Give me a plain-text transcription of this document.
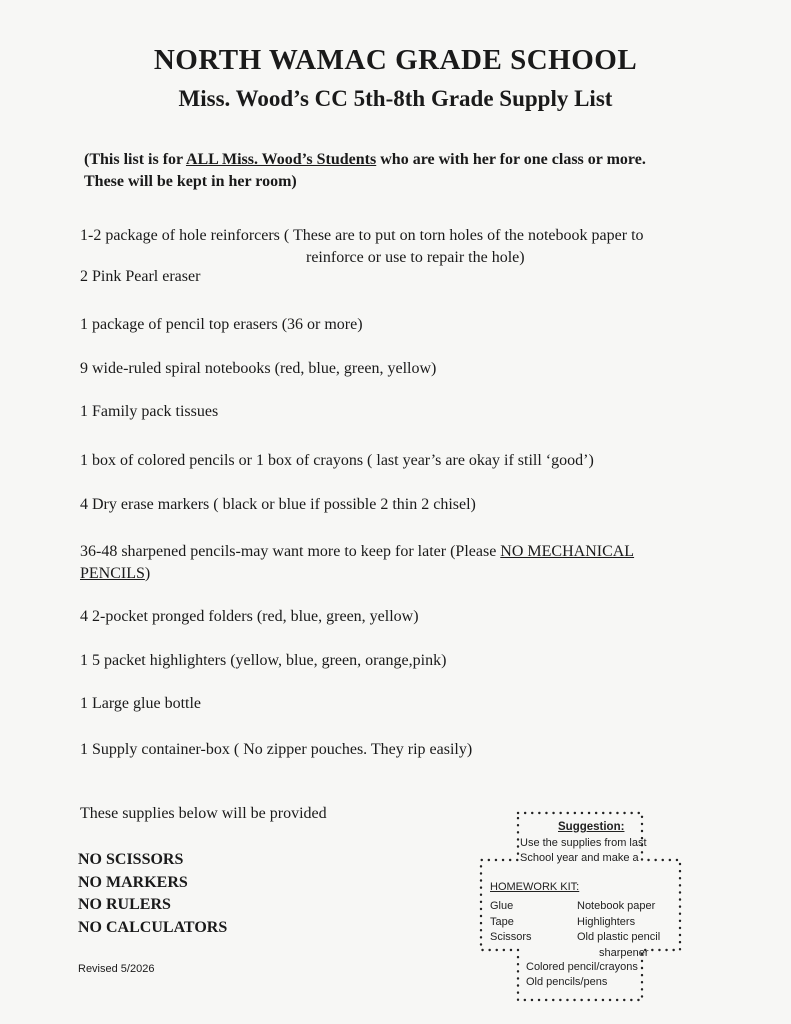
NORTH WAMAC GRADE SCHOOL
Miss. Wood’s CC 5th-8th Grade Supply List
(This list is for ALL Miss. Wood’s Students who are with her for one class or more.
These will be kept in her room)
1-2 package of hole reinforcers ( These are to put on torn holes of the notebook paper to
reinforce or use to repair the hole)
2 Pink Pearl eraser
1 package of pencil top erasers (36 or more)
9 wide-ruled spiral notebooks (red, blue, green, yellow)
1 Family pack tissues
1 box of colored pencils or 1 box of crayons ( last year’s are okay if still ‘good’)
4 Dry erase markers ( black or blue if possible 2 thin 2 chisel)
36-48 sharpened pencils-may want more to keep for later (Please NO MECHANICAL
PENCILS)
4 2-pocket pronged folders (red, blue, green, yellow)
1 5 packet highlighters (yellow, blue, green, orange,pink)
1 Large glue bottle
1 Supply container-box ( No zipper pouches. They rip easily)
These supplies below will be provided
NO SCISSORS
NO MARKERS
NO RULERS
NO CALCULATORS
Revised 5/2026
Suggestion:
Use the supplies from last
School year and make a
HOMEWORK KIT:
Glue
Tape
Scissors
Notebook paper
Highlighters
Old plastic pencil
sharpener
Colored pencil/crayons
Old pencils/pens
